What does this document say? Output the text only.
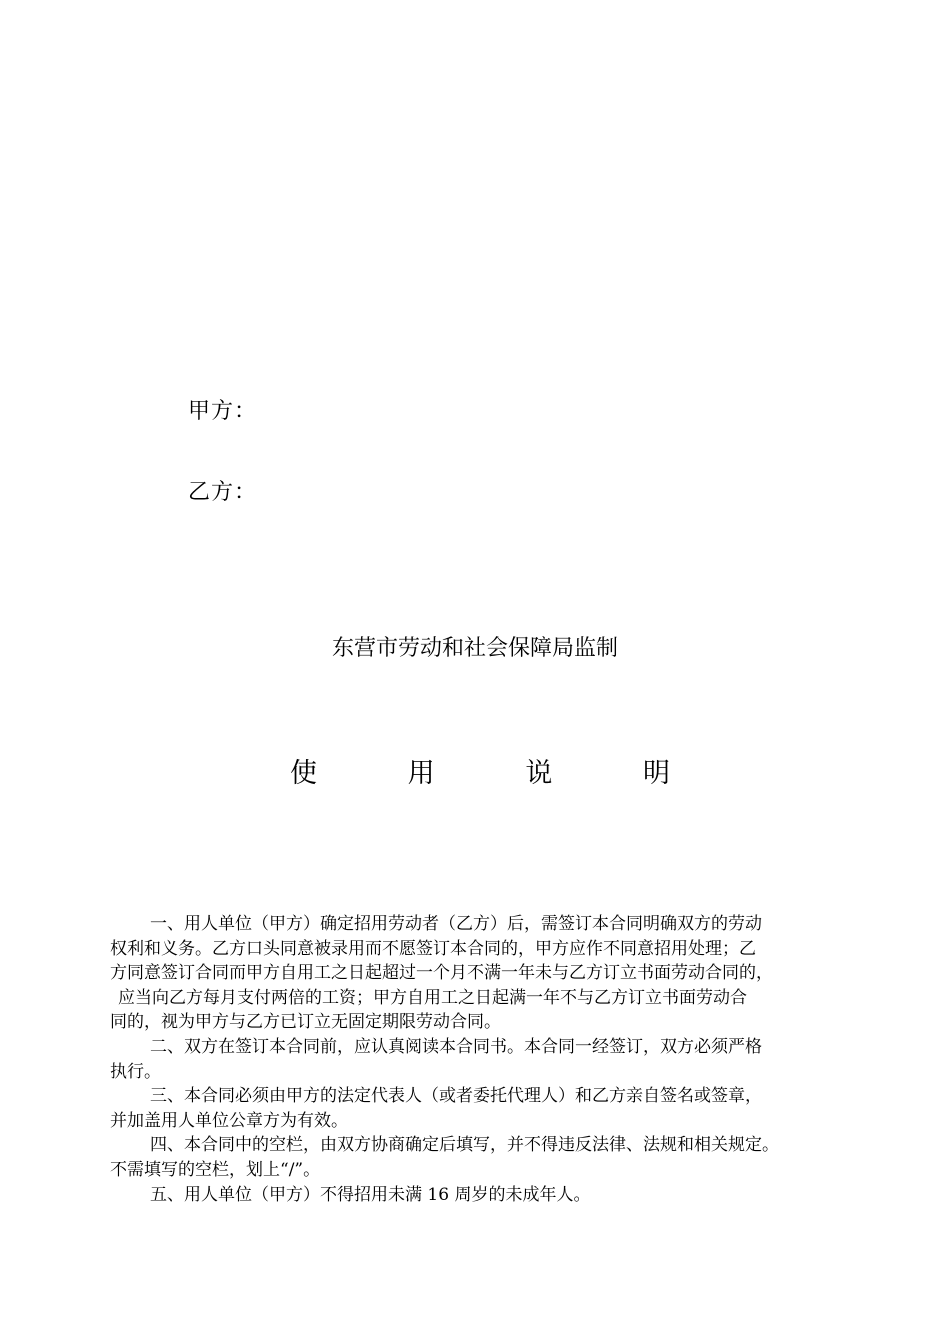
甲方：
乙方：
东营市劳动和社会保障局监制
使	用	说	明
一、用人单位（甲方）确定招用劳动者（乙方）后，需签订本合同明确双方的劳动
权利和义务。乙方口头同意被录用而不愿签订本合同的，甲方应作不同意招用处理；乙
方同意签订合同而甲方自用工之日起超过一个月不满一年未与乙方订立书面劳动合同的，
应当向乙方每月支付两倍的工资；甲方自用工之日起满一年不与乙方订立书面劳动合
同的，视为甲方与乙方已订立无固定期限劳动合同。
二、双方在签订本合同前，应认真阅读本合同书。本合同一经签订，双方必须严格
执行。
三、本合同必须由甲方的法定代表人（或者委托代理人）和乙方亲自签名或签章，
并加盖用人单位公章方为有效。
四、本合同中的空栏，由双方协商确定后填写，并不得违反法律、法规和相关规定。
不需填写的空栏，划上“/”。
五、用人单位（甲方）不得招用未满 16 周岁的未成年人。
